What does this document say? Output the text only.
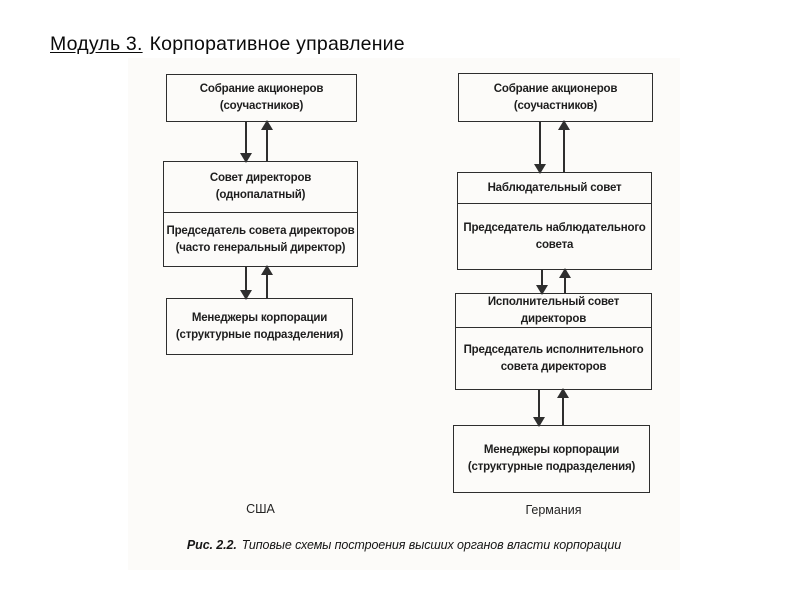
Модуль 3. Корпоративное управление
Собрание акционеров
(соучастников)
Совет директоров
(однопалатный)
Председатель совета директоров
(часто генеральный директор)
Менеджеры корпорации
(структурные подразделения)
США
Собрание акционеров
(соучастников)
Наблюдательный совет
Председатель наблюдательного
совета
Исполнительный совет директоров
Председатель исполнительного
совета директоров
Менеджеры корпорации
(структурные подразделения)
Германия
Рис. 2.2. Типовые схемы построения высших органов власти корпорации
